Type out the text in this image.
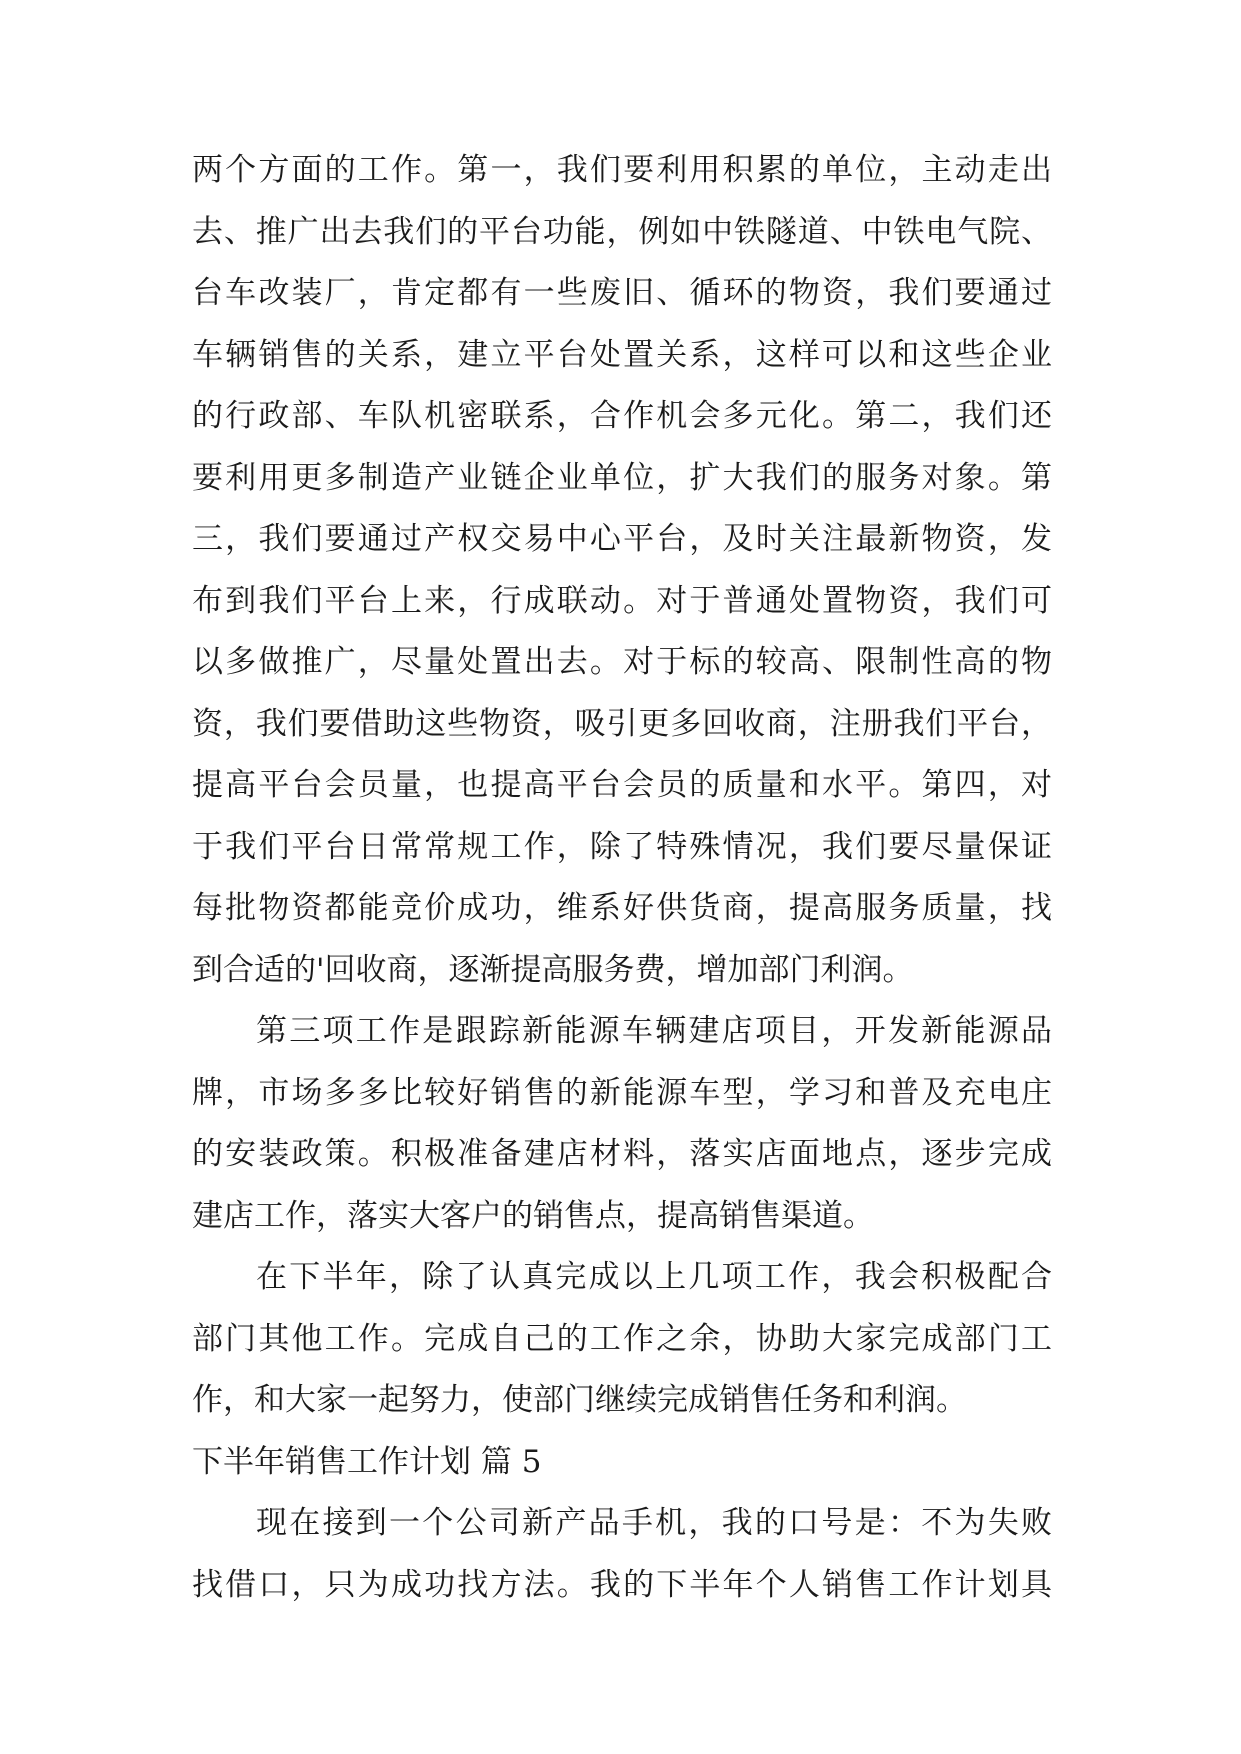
两个方面的工作。第一，我们要利用积累的单位，主动走出
去、推广出去我们的平台功能，例如中铁隧道、中铁电气院、
台车改装厂，肯定都有一些废旧、循环的物资，我们要通过
车辆销售的关系，建立平台处置关系，这样可以和这些企业
的行政部、车队机密联系，合作机会多元化。第二，我们还
要利用更多制造产业链企业单位，扩大我们的服务对象。第
三，我们要通过产权交易中心平台，及时关注最新物资，发
布到我们平台上来，行成联动。对于普通处置物资，我们可
以多做推广，尽量处置出去。对于标的较高、限制性高的物
资，我们要借助这些物资，吸引更多回收商，注册我们平台，
提高平台会员量，也提高平台会员的质量和水平。第四，对
于我们平台日常常规工作，除了特殊情况，我们要尽量保证
每批物资都能竞价成功，维系好供货商，提高服务质量，找
到合适的'回收商，逐渐提高服务费，增加部门利润。
第三项工作是跟踪新能源车辆建店项目，开发新能源品
牌，市场多多比较好销售的新能源车型，学习和普及充电庄
的安装政策。积极准备建店材料，落实店面地点，逐步完成
建店工作，落实大客户的销售点，提高销售渠道。
在下半年，除了认真完成以上几项工作，我会积极配合
部门其他工作。完成自己的工作之余，协助大家完成部门工
作，和大家一起努力，使部门继续完成销售任务和利润。
下半年销售工作计划 篇 5
现在接到一个公司新产品手机，我的口号是：不为失败
找借口，只为成功找方法。我的下半年个人销售工作计划具
